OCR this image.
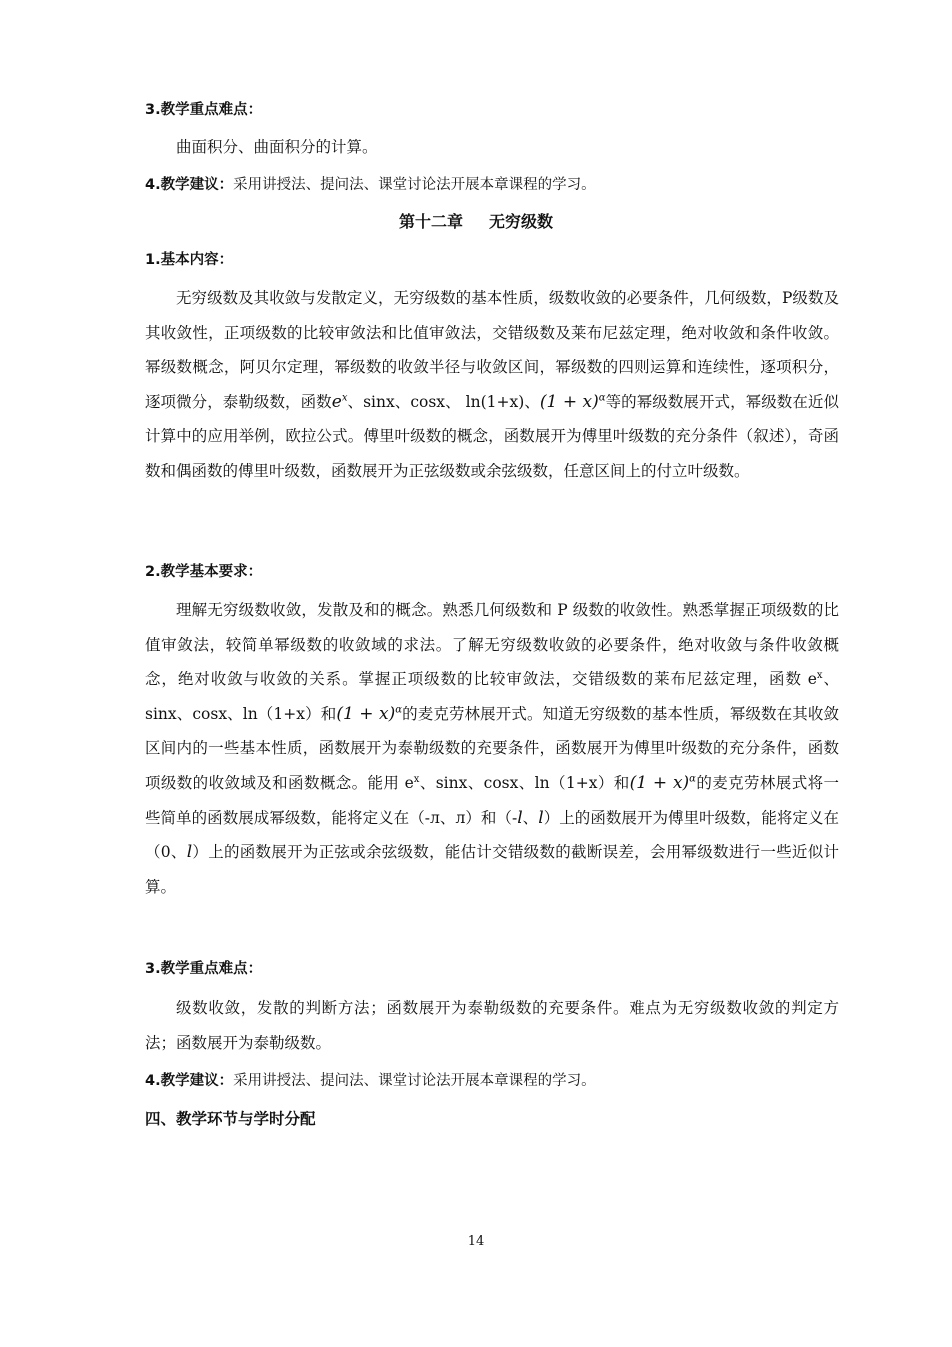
3.教学重点难点：
曲面积分、曲面积分的计算。
4.教学建议：采用讲授法、提问法、课堂讨论法开展本章课程的学习。
第十二章 无穷级数
1.基本内容：

无穷级数及其收敛与发散定义，无穷级数的基本性质，级数收敛的必要条件，几何级数，P级数及其收敛性，正项级数的比较审敛法和比值审敛法，交错级数及莱布尼兹定理，绝对收敛和条件收敛。幂级数概念，阿贝尔定理，幂级数的收敛半径与收敛区间，幂级数的四则运算和连续性，逐项积分，逐项微分，泰勒级数，函数$e^x$、sinx、cosx、 ln(1+x)、$(1 + x)^\alpha$等的幂级数展开式，幂级数在近似计算中的应用举例，欧拉公式。傅里叶级数的概念，函数展开为傅里叶级数的充分条件（叙述），奇函数和偶函数的傅里叶级数，函数展开为正弦级数或余弦级数，任意区间上的付立叶级数。

2.教学基本要求：

理解无穷级数收敛，发散及和的概念。熟悉几何级数和 P 级数的收敛性。熟悉掌握正项级数的比值审敛法，较简单幂级数的收敛域的求法。了解无穷级数收敛的必要条件，绝对收敛与条件收敛概念，绝对收敛与收敛的关系。掌握正项级数的比较审敛法，交错级数的莱布尼兹定理，函数 $e^x$、sinx、cosx、ln（1+x）和$(1 + x)^\alpha$的麦克劳林展开式。知道无穷级数的基本性质，幂级数在其收敛区间内的一些基本性质，函数展开为泰勒级数的充要条件，函数展开为傅里叶级数的充分条件，函数项级数的收敛域及和函数概念。能用 $e^x$、sinx、cosx、ln（1+x）和$(1 + x)^\alpha$的麦克劳林展式将一些简单的函数展成幂级数，能将定义在（-л、л）和（-l、l）上的函数展开为傅里叶级数，能将定义在（0、l）上的函数展开为正弦或余弦级数，能估计交错级数的截断误差，会用幂级数进行一些近似计算。

3.教学重点难点：

级数收敛，发散的判断方法；函数展开为泰勒级数的充要条件。难点为无穷级数收敛的判定方法；函数展开为泰勒级数。

4.教学建议：采用讲授法、提问法、课堂讨论法开展本章课程的学习。
四、教学环节与学时分配
14
